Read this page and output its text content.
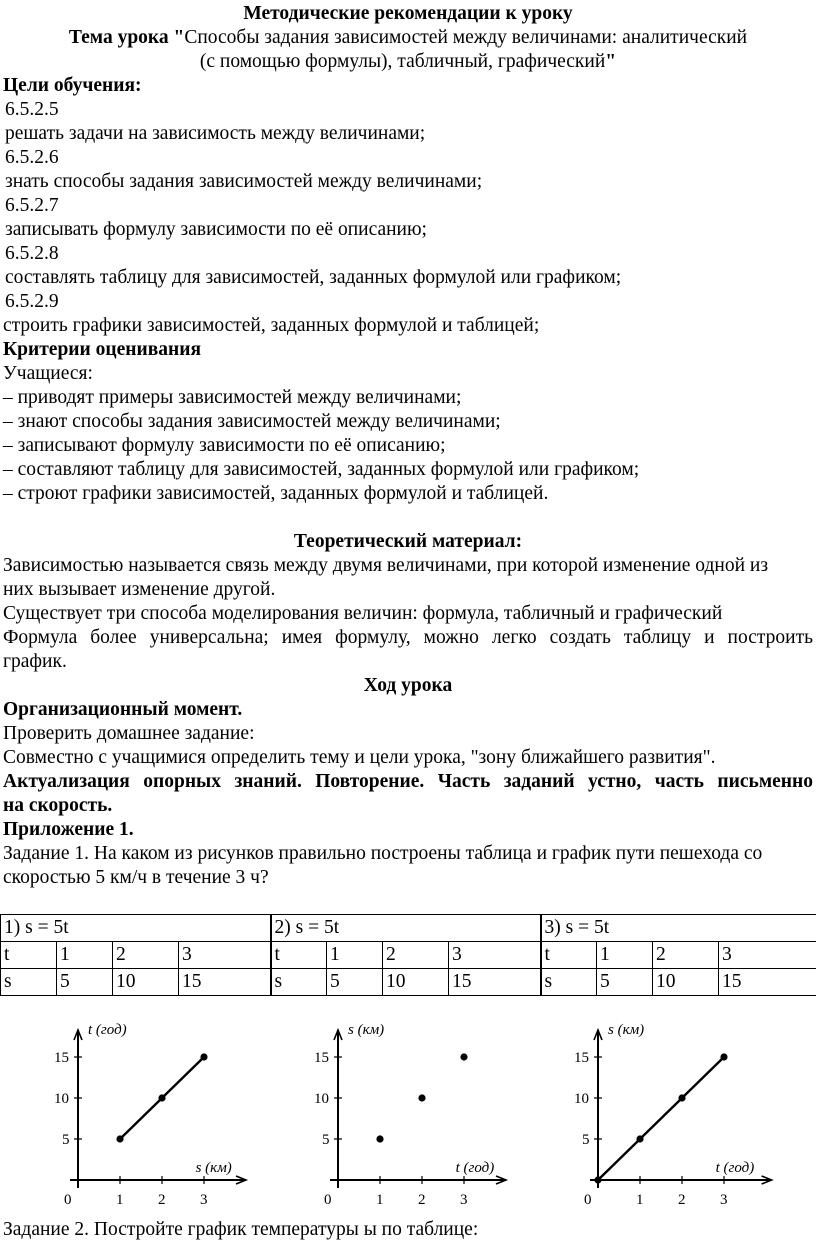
Методические рекомендации к уроку
Тема урока "Способы задания зависимостей между величинами: аналитический
(с помощью формулы), табличный, графический"
Цели обучения:
6.5.2.5
решать задачи на зависимость между величинами;
6.5.2.6
знать способы задания зависимостей между величинами;
6.5.2.7
записывать формулу зависимости по её описанию;
6.5.2.8
составлять таблицу для зависимостей, заданных формулой или графиком;
6.5.2.9
строить графики зависимостей, заданных формулой и таблицей;
Критерии оценивания
Учащиеся:
– приводят примеры зависимостей между величинами;
– знают способы задания зависимостей между величинами;
– записывают формулу зависимости по её описанию;
– составляют таблицу для зависимостей, заданных формулой или графиком;
– строют графики зависимостей, заданных формулой и таблицей.
Теоретический материал:
Зависимостью называется связь между двумя величинами, при которой изменение одной из
них вызывает изменение другой.
Существует три способа моделирования величин: формула, табличный и графический
Формула более универсальна; имея формулу, можно легко создать таблицу и построить
график.
Ход урока
Организационный момент.
Проверить домашнее задание:
Совместно с учащимися определить тему и цели урока, "зону ближайшего развития".
Актуализация опорных знаний. Повторение. Часть заданий устно, часть письменно
на скорость.
Приложение 1.
Задание 1. На каком из рисунков правильно построены таблица и график пути пешехода со
скоростью 5 км/ч в течение 3 ч?
1) s = 5t				2) s = 5t				3) s = 5t			
t	1	2	3	t	1	2	3	t	1	2	3
s	5	10	15	s	5	10	15	s	5	10	15
1 2 3
5
10
15
0
t (год)
s (км)
1 2 3
5
10
15
0
s (км)
t (год)
1 2 3
5
10
15
0
s (км)
t (год)
Задание 2. Постройте график температуры ы по таблице:
